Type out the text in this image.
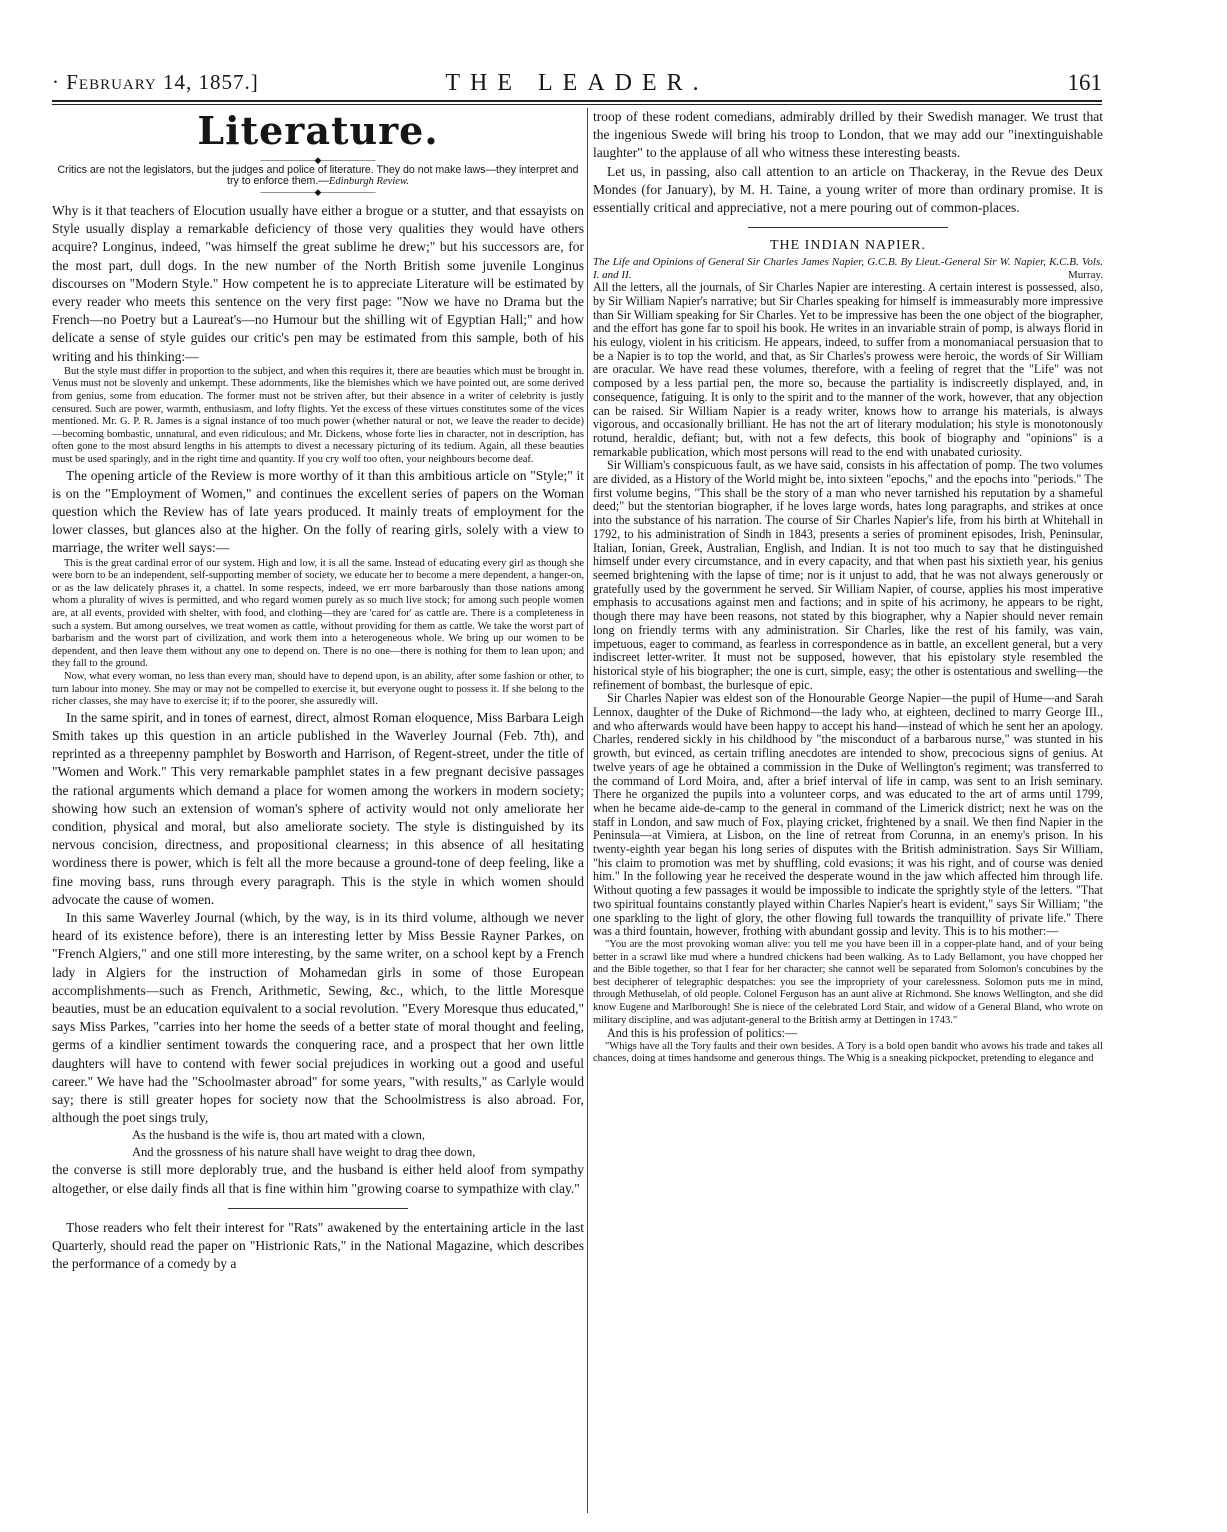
· February 14, 1857.]	THE LEADER.	161
Literature.
——————◆——————

Critics are not the legislators, but the judges and police of literature. They do not make laws—they interpret and try to enforce them.—Edinburgh Review.

——————◆——————

Why is it that teachers of Elocution usually have either a brogue or a stutter, and that essayists on Style usually display a remarkable deficiency of those very qualities they would have others acquire? Longinus, indeed, "was himself the great sublime he drew;" but his successors are, for the most part, dull dogs. In the new number of the North British some juvenile Longinus discourses on "Modern Style." How competent he is to appreciate Literature will be estimated by every reader who meets this sentence on the very first page: "Now we have no Drama but the French—no Poetry but a Laureat's—no Humour but the shilling wit of Egyptian Hall;" and how delicate a sense of style guides our critic's pen may be estimated from this sample, both of his writing and his thinking:—

But the style must differ in proportion to the subject, and when this requires it, there are beauties which must be brought in. Venus must not be slovenly and unkempt. These adornments, like the blemishes which we have pointed out, are some derived from genius, some from education. The former must not be striven after, but their absence in a writer of celebrity is justly censured. Such are power, warmth, enthusiasm, and lofty flights. Yet the excess of these virtues constitutes some of the vices mentioned. Mr. G. P. R. James is a signal instance of too much power (whether natural or not, we leave the reader to decide)—becoming bombastic, unnatural, and even ridiculous; and Mr. Dickens, whose forte lies in character, not in description, has often gone to the most absurd lengths in his attempts to divest a necessary picturing of its tedium. Again, all these beauties must be used sparingly, and in the right time and quantity. If you cry wolf too often, your neighbours become deaf.

The opening article of the Review is more worthy of it than this ambitious article on "Style;" it is on the "Employment of Women," and continues the excellent series of papers on the Woman question which the Review has of late years produced. It mainly treats of employment for the lower classes, but glances also at the higher. On the folly of rearing girls, solely with a view to marriage, the writer well says:—

This is the great cardinal error of our system. High and low, it is all the same. Instead of educating every girl as though she were born to be an independent, self-supporting member of society, we educate her to become a mere dependent, a hanger-on, or as the law delicately phrases it, a chattel. In some respects, indeed, we err more barbarously than those nations among whom a plurality of wives is permitted, and who regard women purely as so much live stock; for among such people women are, at all events, provided with shelter, with food, and clothing—they are 'cared for' as cattle are. There is a completeness in such a system. But among ourselves, we treat women as cattle, without providing for them as cattle. We take the worst part of barbarism and the worst part of civilization, and work them into a heterogeneous whole. We bring up our women to be dependent, and then leave them without any one to depend on. There is no one—there is nothing for them to lean upon; and they fall to the ground.

Now, what every woman, no less than every man, should have to depend upon, is an ability, after some fashion or other, to turn labour into money. She may or may not be compelled to exercise it, but everyone ought to possess it. If she belong to the richer classes, she may have to exercise it; if to the poorer, she assuredly will.

In the same spirit, and in tones of earnest, direct, almost Roman eloquence, Miss Barbara Leigh Smith takes up this question in an article published in the Waverley Journal (Feb. 7th), and reprinted as a threepenny pamphlet by Bosworth and Harrison, of Regent-street, under the title of "Women and Work." This very remarkable pamphlet states in a few pregnant decisive passages the rational arguments which demand a place for women among the workers in modern society; showing how such an extension of woman's sphere of activity would not only ameliorate her condition, physical and moral, but also ameliorate society. The style is distinguished by its nervous concision, directness, and propositional clearness; in this absence of all hesitating wordiness there is power, which is felt all the more because a ground-tone of deep feeling, like a fine moving bass, runs through every paragraph. This is the style in which women should advocate the cause of women.

In this same Waverley Journal (which, by the way, is in its third volume, although we never heard of its existence before), there is an interesting letter by Miss Bessie Rayner Parkes, on "French Algiers," and one still more interesting, by the same writer, on a school kept by a French lady in Algiers for the instruction of Mohamedan girls in some of those European accomplishments—such as French, Arithmetic, Sewing, &c., which, to the little Moresque beauties, must be an education equivalent to a social revolution. "Every Moresque thus educated," says Miss Parkes, "carries into her home the seeds of a better state of moral thought and feeling, germs of a kindlier sentiment towards the conquering race, and a prospect that her own little daughters will have to contend with fewer social prejudices in working out a good and useful career." We have had the "Schoolmaster abroad" for some years, "with results," as Carlyle would say; there is still greater hopes for society now that the Schoolmistress is also abroad. For, although the poet sings truly,

As the husband is the wife is, thou art mated with a clown,
And the grossness of his nature shall have weight to drag thee down,

the converse is still more deplorably true, and the husband is either held aloof from sympathy altogether, or else daily finds all that is fine within him "growing coarse to sympathize with clay."

Those readers who felt their interest for "Rats" awakened by the entertaining article in the last Quarterly, should read the paper on "Histrionic Rats," in the National Magazine, which describes the performance of a comedy by a

troop of these rodent comedians, admirably drilled by their Swedish manager. We trust that the ingenious Swede will bring his troop to London, that we may add our "inextinguishable laughter" to the applause of all who witness these interesting beasts.

Let us, in passing, also call attention to an article on Thackeray, in the Revue des Deux Mondes (for January), by M. H. Taine, a young writer of more than ordinary promise. It is essentially critical and appreciative, not a mere pouring out of common-places.

THE INDIAN NAPIER.

The Life and Opinions of General Sir Charles James Napier, G.C.B. By Lieut.-General Sir W. Napier, K.C.B. Vols. I. and II.	Murray.

All the letters, all the journals, of Sir Charles Napier are interesting. A certain interest is possessed, also, by Sir William Napier's narrative; but Sir Charles speaking for himself is immeasurably more impressive than Sir William speaking for Sir Charles. Yet to be impressive has been the one object of the biographer, and the effort has gone far to spoil his book. He writes in an invariable strain of pomp, is always florid in his eulogy, violent in his criticism. He appears, indeed, to suffer from a monomaniacal persuasion that to be a Napier is to top the world, and that, as Sir Charles's prowess were heroic, the words of Sir William are oracular. We have read these volumes, therefore, with a feeling of regret that the "Life" was not composed by a less partial pen, the more so, because the partiality is indiscreetly displayed, and, in consequence, fatiguing. It is only to the spirit and to the manner of the work, however, that any objection can be raised. Sir William Napier is a ready writer, knows how to arrange his materials, is always vigorous, and occasionally brilliant. He has not the art of literary modulation; his style is monotonously rotund, heraldic, defiant; but, with not a few defects, this book of biography and "opinions" is a remarkable publication, which most persons will read to the end with unabated curiosity.

Sir William's conspicuous fault, as we have said, consists in his affectation of pomp. The two volumes are divided, as a History of the World might be, into sixteen "epochs," and the epochs into "periods." The first volume begins, "This shall be the story of a man who never tarnished his reputation by a shameful deed;" but the stentorian biographer, if he loves large words, hates long paragraphs, and strikes at once into the substance of his narration. The course of Sir Charles Napier's life, from his birth at Whitehall in 1792, to his administration of Sindh in 1843, presents a series of prominent episodes, Irish, Peninsular, Italian, Ionian, Greek, Australian, English, and Indian. It is not too much to say that he distinguished himself under every circumstance, and in every capacity, and that when past his sixtieth year, his genius seemed brightening with the lapse of time; nor is it unjust to add, that he was not always generously or gratefully used by the government he served. Sir William Napier, of course, applies his most imperative emphasis to accusations against men and factions; and in spite of his acrimony, he appears to be right, though there may have been reasons, not stated by this biographer, why a Napier should never remain long on friendly terms with any administration. Sir Charles, like the rest of his family, was vain, impetuous, eager to command, as fearless in correspondence as in battle, an excellent general, but a very indiscreet letter-writer. It must not be supposed, however, that his epistolary style resembled the historical style of his biographer; the one is curt, simple, easy; the other is ostentatious and swelling—the refinement of bombast, the burlesque of epic.

Sir Charles Napier was eldest son of the Honourable George Napier—the pupil of Hume—and Sarah Lennox, daughter of the Duke of Richmond—the lady who, at eighteen, declined to marry George III., and who afterwards would have been happy to accept his hand—instead of which he sent her an apology. Charles, rendered sickly in his childhood by "the misconduct of a barbarous nurse," was stunted in his growth, but evinced, as certain trifling anecdotes are intended to show, precocious signs of genius. At twelve years of age he obtained a commission in the Duke of Wellington's regiment; was transferred to the command of Lord Moira, and, after a brief interval of life in camp, was sent to an Irish seminary. There he organized the pupils into a volunteer corps, and was educated to the art of arms until 1799, when he became aide-de-camp to the general in command of the Limerick district; next he was on the staff in London, and saw much of Fox, playing cricket, frightened by a snail. We then find Napier in the Peninsula—at Vimiera, at Lisbon, on the line of retreat from Corunna, in an enemy's prison. In his twenty-eighth year began his long series of disputes with the British administration. Says Sir William, "his claim to promotion was met by shuffling, cold evasions; it was his right, and of course was denied him." In the following year he received the desperate wound in the jaw which affected him through life. Without quoting a few passages it would be impossible to indicate the sprightly style of the letters. "That two spiritual fountains constantly played within Charles Napier's heart is evident," says Sir William; "the one sparkling to the light of glory, the other flowing full towards the tranquillity of private life." There was a third fountain, however, frothing with abundant gossip and levity. This is to his mother:—

"You are the most provoking woman alive: you tell me you have been ill in a copper-plate hand, and of your being better in a scrawl like mud where a hundred chickens had been walking. As to Lady Bellamont, you have chopped her and the Bible together, so that I fear for her character; she cannot well be separated from Solomon's concubines by the best decipherer of telegraphic despatches: you see the impropriety of your carelessness. Solomon puts me in mind, through Methuselah, of old people. Colonel Ferguson has an aunt alive at Richmond. She knows Wellington, and she did know Eugene and Marlborough! She is niece of the celebrated Lord Stair, and widow of a General Bland, who wrote on military discipline, and was adjutant-general to the British army at Dettingen in 1743."

And this is his profession of politics:—

"Whigs have all the Tory faults and their own besides. A Tory is a bold open bandit who avows his trade and takes all chances, doing at times handsome and generous things. The Whig is a sneaking pickpocket, pretending to elegance and
